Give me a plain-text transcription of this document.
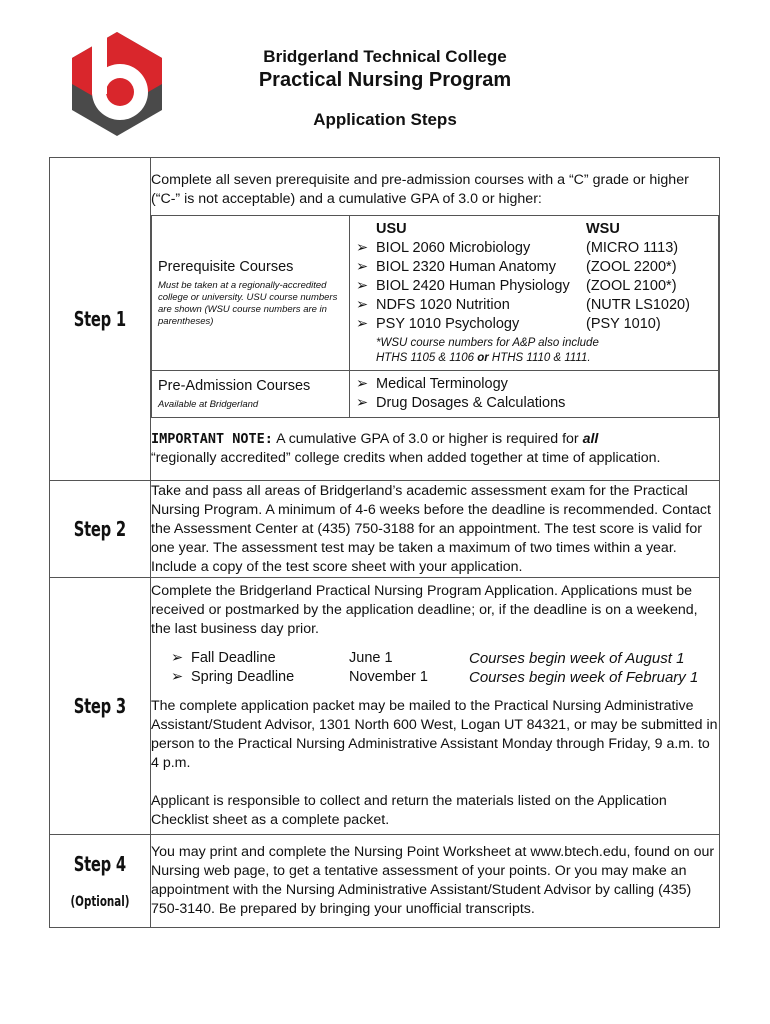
Bridgerland Technical College
Practical Nursing Program
Application Steps
Step 1	

Complete all seven prerequisite and pre-admission courses with a “C” grade or higher (“C-” is not acceptable) and a cumulative GPA of 3.0 or higher:

Prerequisite Courses
Must be taken at a regionally-accredited college or university. USU course numbers are shown (WSU course numbers are in parentheses)

USU	WSU
➢ BIOL 2060 Microbiology	(MICRO 1113)
➢ BIOL 2320 Human Anatomy	(ZOOL 2200*)
➢ BIOL 2420 Human Physiology	(ZOOL 2100*)
➢ NDFS 1020 Nutrition	(NUTR LS1020)
➢ PSY 1010 Psychology	(PSY 1010)
*WSU course numbers for A&P also include
HTHS 1105 & 1106 or HTHS 1110 & 1111.

Pre-Admission Courses
Available at Bridgerland

➢ Medical Terminology
➢ Drug Dosages & Calculations

IMPORTANT NOTE: A cumulative GPA of 3.0 or higher is required for all
“regionally accredited” college credits when added together at time of application.

Step 2	

Take and pass all areas of Bridgerland’s academic assessment exam for the Practical Nursing Program. A minimum of 4-6 weeks before the deadline is recommended. Contact the Assessment Center at (435) 750-3188 for an appointment. The test score is valid for one year. The assessment test may be taken a maximum of two times within a year. Include a copy of the test score sheet with your application.

Step 3	

Complete the Bridgerland Practical Nursing Program Application. Applications must be received or postmarked by the application deadline; or, if the deadline is on a weekend, the last business day prior.

➢ Fall Deadline	June 1	Courses begin week of August 1
➢ Spring Deadline	November 1	Courses begin week of February 1

The complete application packet may be mailed to the Practical Nursing Administrative Assistant/Student Advisor, 1301 North 600 West, Logan UT 84321, or may be submitted in person to the Practical Nursing Administrative Assistant Monday through Friday, 9 a.m. to 4 p.m.

Applicant is responsible to collect and return the materials listed on the Application Checklist sheet as a complete packet.

Step 4
(Optional)

You may print and complete the Nursing Point Worksheet at www.btech.edu, found on our Nursing web page, to get a tentative assessment of your points. Or you may make an appointment with the Nursing Administrative Assistant/Student Advisor by calling (435) 750-3140. Be prepared by bringing your unofficial transcripts.
